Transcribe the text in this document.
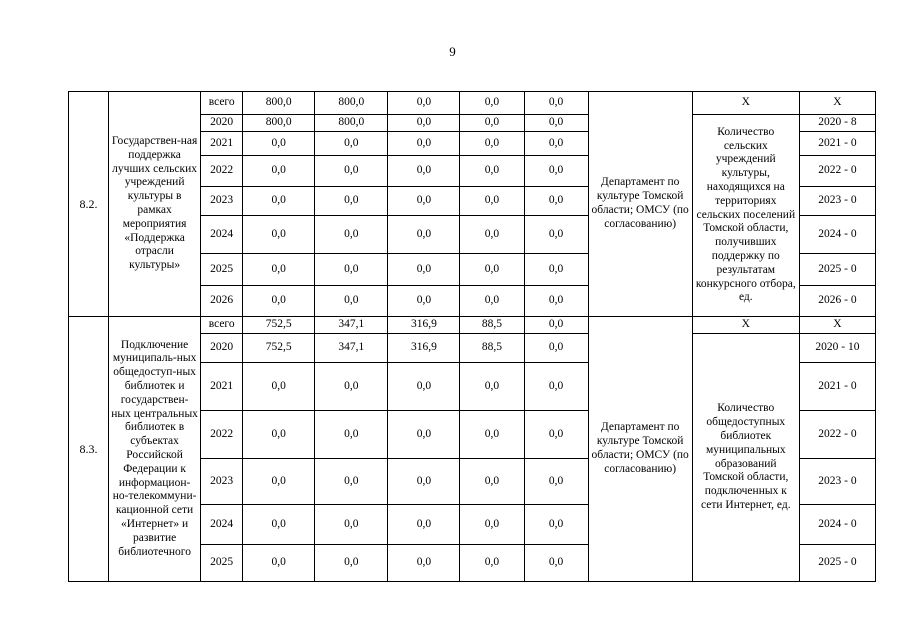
9
8.2.	Государствен-ная поддержка лучших сельских учреждений культуры в рамках мероприятия «Поддержка отрасли культуры»	всего	800,0	800,0	0,0	0,0	0,0	Департамент по культуре Томской области; ОМСУ (по согласованию)	Х	Х
		2020	800,0	800,0	0,0	0,0	0,0		Количество сельских учреждений культуры, находящихся на территориях сельских поселений Томской области, получивших поддержку по результатам конкурсного отбора, ед.	2020 - 8
		2021	0,0	0,0	0,0	0,0	0,0			2021 - 0
		2022	0,0	0,0	0,0	0,0	0,0			2022 - 0
		2023	0,0	0,0	0,0	0,0	0,0			2023 - 0
		2024	0,0	0,0	0,0	0,0	0,0			2024 - 0
		2025	0,0	0,0	0,0	0,0	0,0			2025 - 0
		2026	0,0	0,0	0,0	0,0	0,0			2026 - 0
8.3.	Подключение муниципаль-ных общедоступ-ных библиотек и государствен-ных центральных библиотек в субъектах Российской Федерации к информацион-но-телекоммуни-кационной сети «Интернет» и развитие библиотечного	всего	752,5	347,1	316,9	88,5	0,0	Департамент по культуре Томской области; ОМСУ (по согласованию)	Х	Х
		2020	752,5	347,1	316,9	88,5	0,0		Количество общедоступных библиотек муниципальных образований Томской области, подключенных к сети Интернет, ед.	2020 - 10
		2021	0,0	0,0	0,0	0,0	0,0			2021 - 0
		2022	0,0	0,0	0,0	0,0	0,0			2022 - 0
		2023	0,0	0,0	0,0	0,0	0,0			2023 - 0
		2024	0,0	0,0	0,0	0,0	0,0			2024 - 0
		2025	0,0	0,0	0,0	0,0	0,0			2025 - 0
